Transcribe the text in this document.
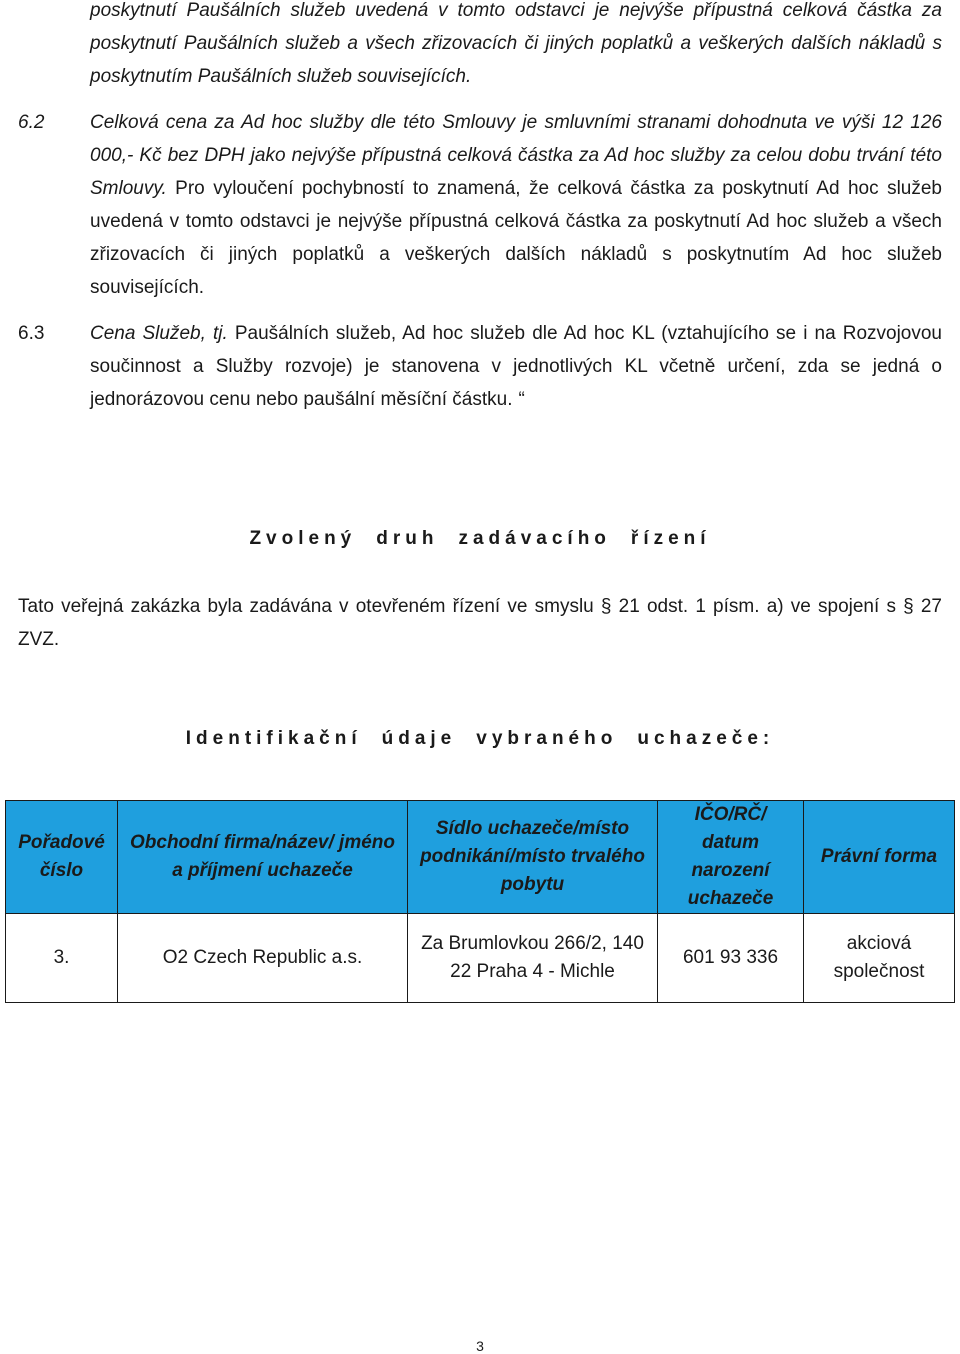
poskytnutí Paušálních služeb uvedená v tomto odstavci je nejvýše přípustná celková částka za poskytnutí Paušálních služeb a všech zřizovacích či jiných poplatků a veškerých dalších nákladů s poskytnutím Paušálních služeb souvisejících.
6.2 Celková cena za Ad hoc služby dle této Smlouvy je smluvními stranami dohodnuta ve výši 12 126 000,- Kč bez DPH jako nejvýše přípustná celková částka za Ad hoc služby za celou dobu trvání této Smlouvy. Pro vyloučení pochybností to znamená, že celková částka za poskytnutí Ad hoc služeb uvedená v tomto odstavci je nejvýše přípustná celková částka za poskytnutí Ad hoc služeb a všech zřizovacích či jiných poplatků a veškerých dalších nákladů s poskytnutím Ad hoc služeb souvisejících.
6.3 Cena Služeb, tj. Paušálních služeb, Ad hoc služeb dle Ad hoc KL (vztahujícího se i na Rozvojovou součinnost a Služby rozvoje) je stanovena v jednotlivých KL včetně určení, zda se jedná o jednorázovou cenu nebo paušální měsíční částku. “
Zvolený druh zadávacího řízení
Tato veřejná zakázka byla zadávána v otevřeném řízení ve smyslu § 21 odst. 1 písm. a) ve spojení s § 27 ZVZ.
Identifikační údaje vybraného uchazeče:
Pořadové číslo	Obchodní firma/název/ jméno a příjmení uchazeče	Sídlo uchazeče/místo podnikání/místo trvalého pobytu	IČO/RČ/ datum narození uchazeče	Právní forma
3.	O2 Czech Republic a.s.	Za Brumlovkou 266/2, 140 22 Praha 4 - Michle	601 93 336	akciová společnost
3
